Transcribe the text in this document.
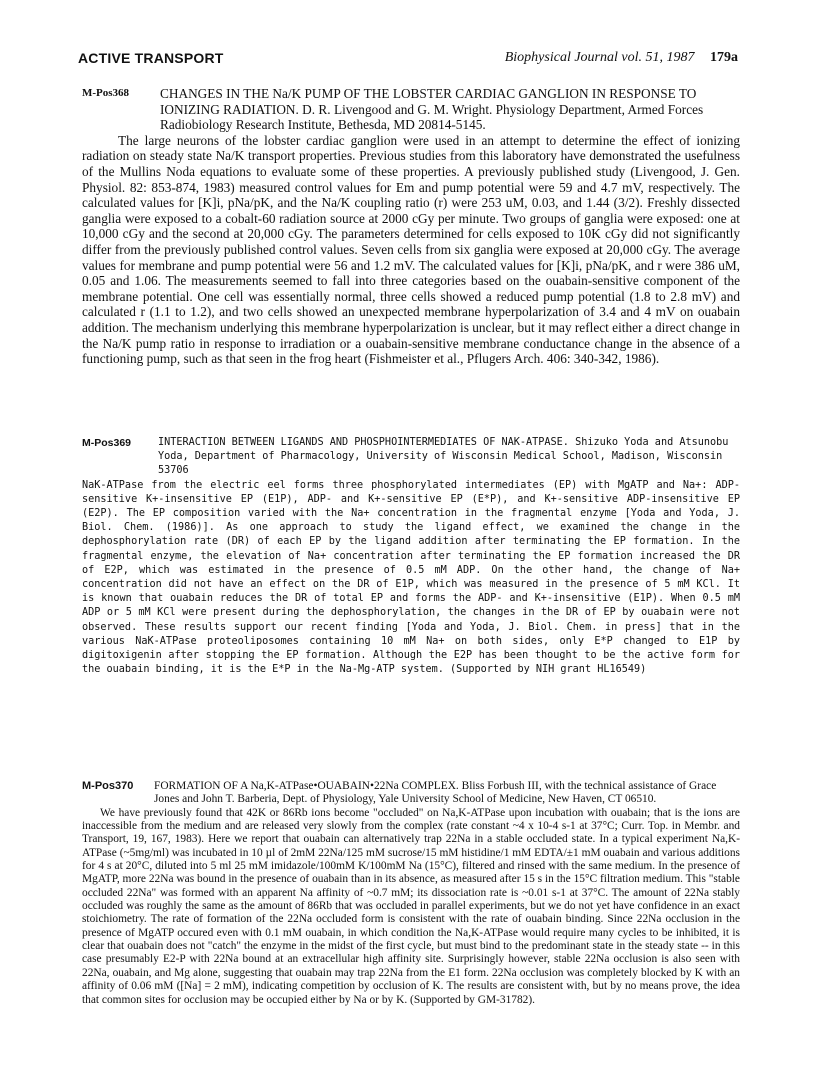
ACTIVE TRANSPORT	Biophysical Journal vol. 51, 1987 179a
M-Pos368 CHANGES IN THE Na/K PUMP OF THE LOBSTER CARDIAC GANGLION IN RESPONSE TO IONIZING RADIATION. D. R. Livengood and G. M. Wright. Physiology Department, Armed Forces Radiobiology Research Institute, Bethesda, MD 20814-5145.
The large neurons of the lobster cardiac ganglion were used in an attempt to determine the effect of ionizing radiation on steady state Na/K transport properties. Previous studies from this laboratory have demonstrated the usefulness of the Mullins Noda equations to evaluate some of these properties. A previously published study (Livengood, J. Gen. Physiol. 82: 853-874, 1983) measured control values for Em and pump potential were 59 and 4.7 mV, respectively. The calculated values for [K]i, pNa/pK, and the Na/K coupling ratio (r) were 253 uM, 0.03, and 1.44 (3/2). Freshly dissected ganglia were exposed to a cobalt-60 radiation source at 2000 cGy per minute. Two groups of ganglia were exposed: one at 10,000 cGy and the second at 20,000 cGy. The parameters determined for cells exposed to 10K cGy did not significantly differ from the previously published control values. Seven cells from six ganglia were exposed at 20,000 cGy. The average values for membrane and pump potential were 56 and 1.2 mV. The calculated values for [K]i, pNa/pK, and r were 386 uM, 0.05 and 1.06. The measurements seemed to fall into three categories based on the ouabain-sensitive component of the membrane potential. One cell was essentially normal, three cells showed a reduced pump potential (1.8 to 2.8 mV) and calculated r (1.1 to 1.2), and two cells showed an unexpected membrane hyperpolarization of 3.4 and 4 mV on ouabain addition. The mechanism underlying this membrane hyperpolarization is unclear, but it may reflect either a direct change in the Na/K pump ratio in response to irradiation or a ouabain-sensitive membrane conductance change in the absence of a functioning pump, such as that seen in the frog heart (Fishmeister et al., Pflugers Arch. 406: 340-342, 1986).
M-Pos369	INTERACTION BETWEEN LIGANDS AND PHOSPHOINTERMEDIATES OF NAK-ATPASE. Shizuko Yoda and Atsunobu Yoda, Department of Pharmacology, University of Wisconsin Medical School, Madison, Wisconsin 53706
NaK-ATPase from the electric eel forms three phosphorylated intermediates (EP) with MgATP and Na+: ADP-sensitive K+-insensitive EP (E1P), ADP- and K+-sensitive EP (E*P), and K+-sensitive ADP-insensitive EP (E2P). The EP composition varied with the Na+ concentration in the fragmental enzyme [Yoda and Yoda, J. Biol. Chem. (1986)]. As one approach to study the ligand effect, we examined the change in the dephosphorylation rate (DR) of each EP by the ligand addition after terminating the EP formation. In the fragmental enzyme, the elevation of Na+ concentration after terminating the EP formation increased the DR of E2P, which was estimated in the presence of 0.5 mM ADP. On the other hand, the change of Na+ concentration did not have an effect on the DR of E1P, which was measured in the presence of 5 mM KCl. It is known that ouabain reduces the DR of total EP and forms the ADP- and K+-insensitive (E1P). When 0.5 mM ADP or 5 mM KCl were present during the dephosphorylation, the changes in the DR of EP by ouabain were not observed. These results support our recent finding [Yoda and Yoda, J. Biol. Chem. in press] that in the various NaK-ATPase proteoliposomes containing 10 mM Na+ on both sides, only E*P changed to E1P by digitoxigenin after stopping the EP formation. Although the E2P has been thought to be the active form for the ouabain binding, it is the E*P in the Na-Mg-ATP system. (Supported by NIH grant HL16549)
M-Pos370 FORMATION OF A Na,K-ATPase•OUABAIN•22Na COMPLEX. Bliss Forbush III, with the technical assistance of Grace Jones and John T. Barberia, Dept. of Physiology, Yale University School of Medicine, New Haven, CT 06510.
We have previously found that 42K or 86Rb ions become "occluded" on Na,K-ATPase upon incubation with ouabain; that is the ions are inaccessible from the medium and are released very slowly from the complex (rate constant ~4 x 10-4 s-1 at 37°C; Curr. Top. in Membr. and Transport, 19, 167, 1983). Here we report that ouabain can alternatively trap 22Na in a stable occluded state. In a typical experiment Na,K-ATPase (~5mg/ml) was incubated in 10 µl of 2mM 22Na/125 mM sucrose/15 mM histidine/1 mM EDTA/±1 mM ouabain and various additions for 4 s at 20°C, diluted into 5 ml 25 mM imidazole/100mM K/100mM Na (15°C), filtered and rinsed with the same medium. In the presence of MgATP, more 22Na was bound in the presence of ouabain than in its absence, as measured after 15 s in the 15°C filtration medium. This "stable occluded 22Na" was formed with an apparent Na affinity of ~0.7 mM; its dissociation rate is ~0.01 s-1 at 37°C. The amount of 22Na stably occluded was roughly the same as the amount of 86Rb that was occluded in parallel experiments, but we do not yet have confidence in an exact stoichiometry. The rate of formation of the 22Na occluded form is consistent with the rate of ouabain binding. Since 22Na occlusion in the presence of MgATP occured even with 0.1 mM ouabain, in which condition the Na,K-ATPase would require many cycles to be inhibited, it is clear that ouabain does not "catch" the enzyme in the midst of the first cycle, but must bind to the predominant state in the steady state -- in this case presumably E2-P with 22Na bound at an extracellular high affinity site. Surprisingly however, stable 22Na occlusion is also seen with 22Na, ouabain, and Mg alone, suggesting that ouabain may trap 22Na from the E1 form. 22Na occlusion was completely blocked by K with an affinity of 0.06 mM ([Na] = 2 mM), indicating competition by occlusion of K. The results are consistent with, but by no means prove, the idea that common sites for occlusion may be occupied either by Na or by K. (Supported by GM-31782).
